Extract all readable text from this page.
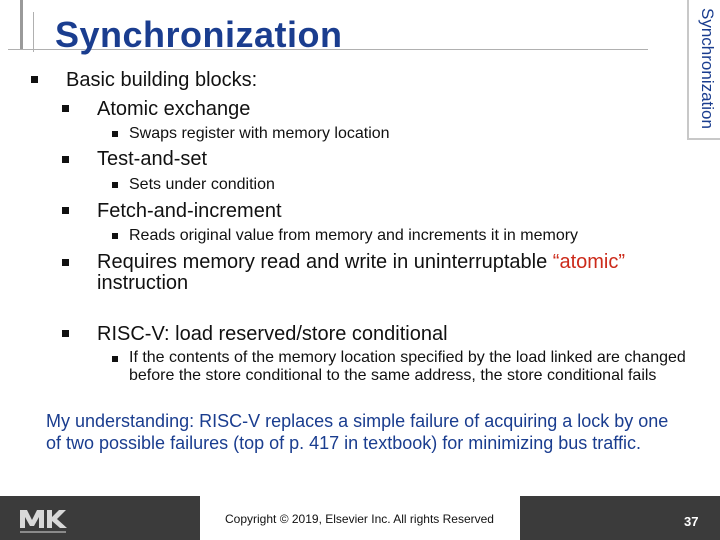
Synchronization	Synchronization
Basic building blocks:
Atomic exchange
Swaps register with memory location
Test-and-set
Sets under condition
Fetch-and-increment
Reads original value from memory and increments it in memory
Requires memory read and write in uninterruptable “atomic”
instruction
RISC-V: load reserved/store conditional
If the contents of the memory location specified by the load linked are changed before the store conditional to the same address, the store conditional fails
My understanding: RISC-V replaces a simple failure of acquiring a lock by one of two possible failures (top of p. 417 in textbook) for minimizing bus traffic.
Copyright © 2019, Elsevier Inc. All rights Reserved	37
